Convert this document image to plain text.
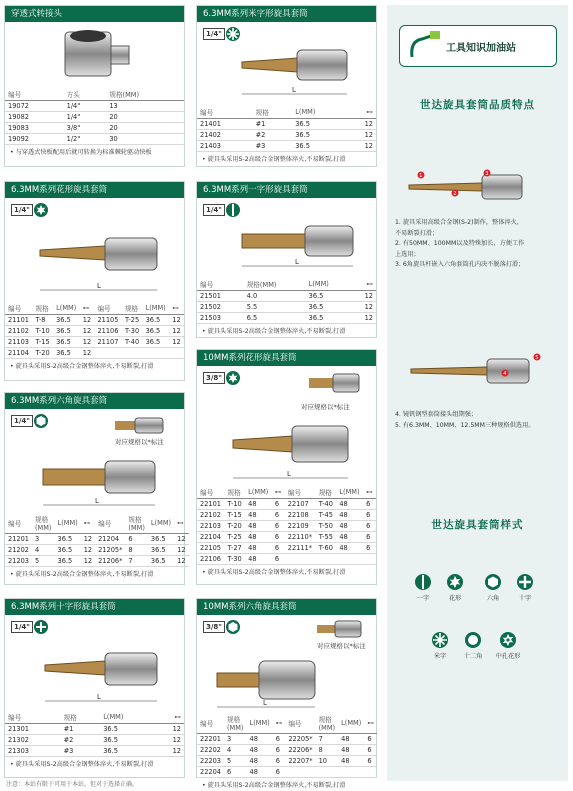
穿透式转接头
编号	方头	规格(MM)
19072	1/4"	13
19082	1/4"	20
19083	3/8"	20
19092	1/2"	30
• 与穿透式快板配用后就可转换为标准棘轮驱动快板
6.3MM系列米字形旋具套筒
1/4"
L
编号	规格	L(MM)	⊷
21401	#1	36.5	12
21402	#2	36.5	12
21403	#3	36.5	12
• 旋具头采用S-2高级合金钢整体淬火,不易断裂,打滑
6.3MM系列花形旋具套筒
1/4"
L
编号	规格	L(MM)	⊷	编号	规格	L(MM)	⊷
21101	T-8	36.5	12	21105	T-25	36.5	12
21102	T-10	36.5	12	21106	T-30	36.5	12
21103	T-15	36.5	12	21107	T-40	36.5	12
21104	T-20	36.5	12				
• 旋具头采用S-2高级合金钢整体淬火,不易断裂,打滑
6.3MM系列一字形旋具套筒
1/4"
L
编号	规格(MM)	L(MM)	⊷
21501	4.0	36.5	12
21502	5.5	36.5	12
21503	6.5	36.5	12
• 旋具头采用S-2高级合金钢整体淬火,不易断裂,打滑
6.3MM系列六角旋具套筒
1/4"
对应规格以*标注
L
编号	规格(MM)	L(MM)	⊷	编号	规格(MM)	L(MM)	⊷
21201	3	36.5	12	21204	6	36.5	12
21202	4	36.5	12	21205*	8	36.5	12
21203	5	36.5	12	21206*	7	36.5	12
• 旋具头采用S-2高级合金钢整体淬火,不易断裂,打滑
10MM系列花形旋具套筒
3/8"
对应规格以*标注
L
编号	规格	L(MM)	⊷	编号	规格	L(MM)	⊷
22101	T-10	48	6	22107	T-40	48	6
22102	T-15	48	6	22108	T-45	48	6
22103	T-20	48	6	22109	T-50	48	6
22104	T-25	48	6	22110*	T-55	48	6
22105	T-27	48	6	22111*	T-60	48	6
22106	T-30	48	6				
• 旋具头采用S-2高级合金钢整体淬火,不易断裂,打滑
6.3MM系列十字形旋具套筒
1/4"
L
编号	规格	L(MM)	⊷
21301	#1	36.5	12
21302	#2	36.5	12
21303	#3	36.5	12
• 旋具头采用S-2高级合金钢整体淬火,不易断裂,打滑
10MM系列六角旋具套筒
3/8"
对应规格以*标注
L
编号	规格(MM)	L(MM)	⊷	编号	规格(MM)	L(MM)	⊷
22201	3	48	6	22205*	7	48	6
22202	4	48	6	22206*	8	48	6
22203	5	48	6	22207*	10	48	6
22204	6	48	6				
• 旋具头采用S-2高级合金钢整体淬火,不易断裂,打滑
工具知识加油站
世达旋具套筒品质特点
1
2
3
1. 旋具采用高级合金钢(S-2)制作，整体淬火，
不易断裂打滑；
2. 有50MM、100MM以及特殊加长，方便工作
上选用；
3. 6角旋具杆嵌入六角套筒孔内决不脱落打滑；
4
5
4. 镜钒钢型套筒接头组期强；
5. 有6.3MM、10MM、12.5MM三种规格供选用。
世达旋具套筒样式
一字	花形	六角	十字
米字	十二角	中孔花形
注意：本站有限于可用于本站，但对于选择正确。
